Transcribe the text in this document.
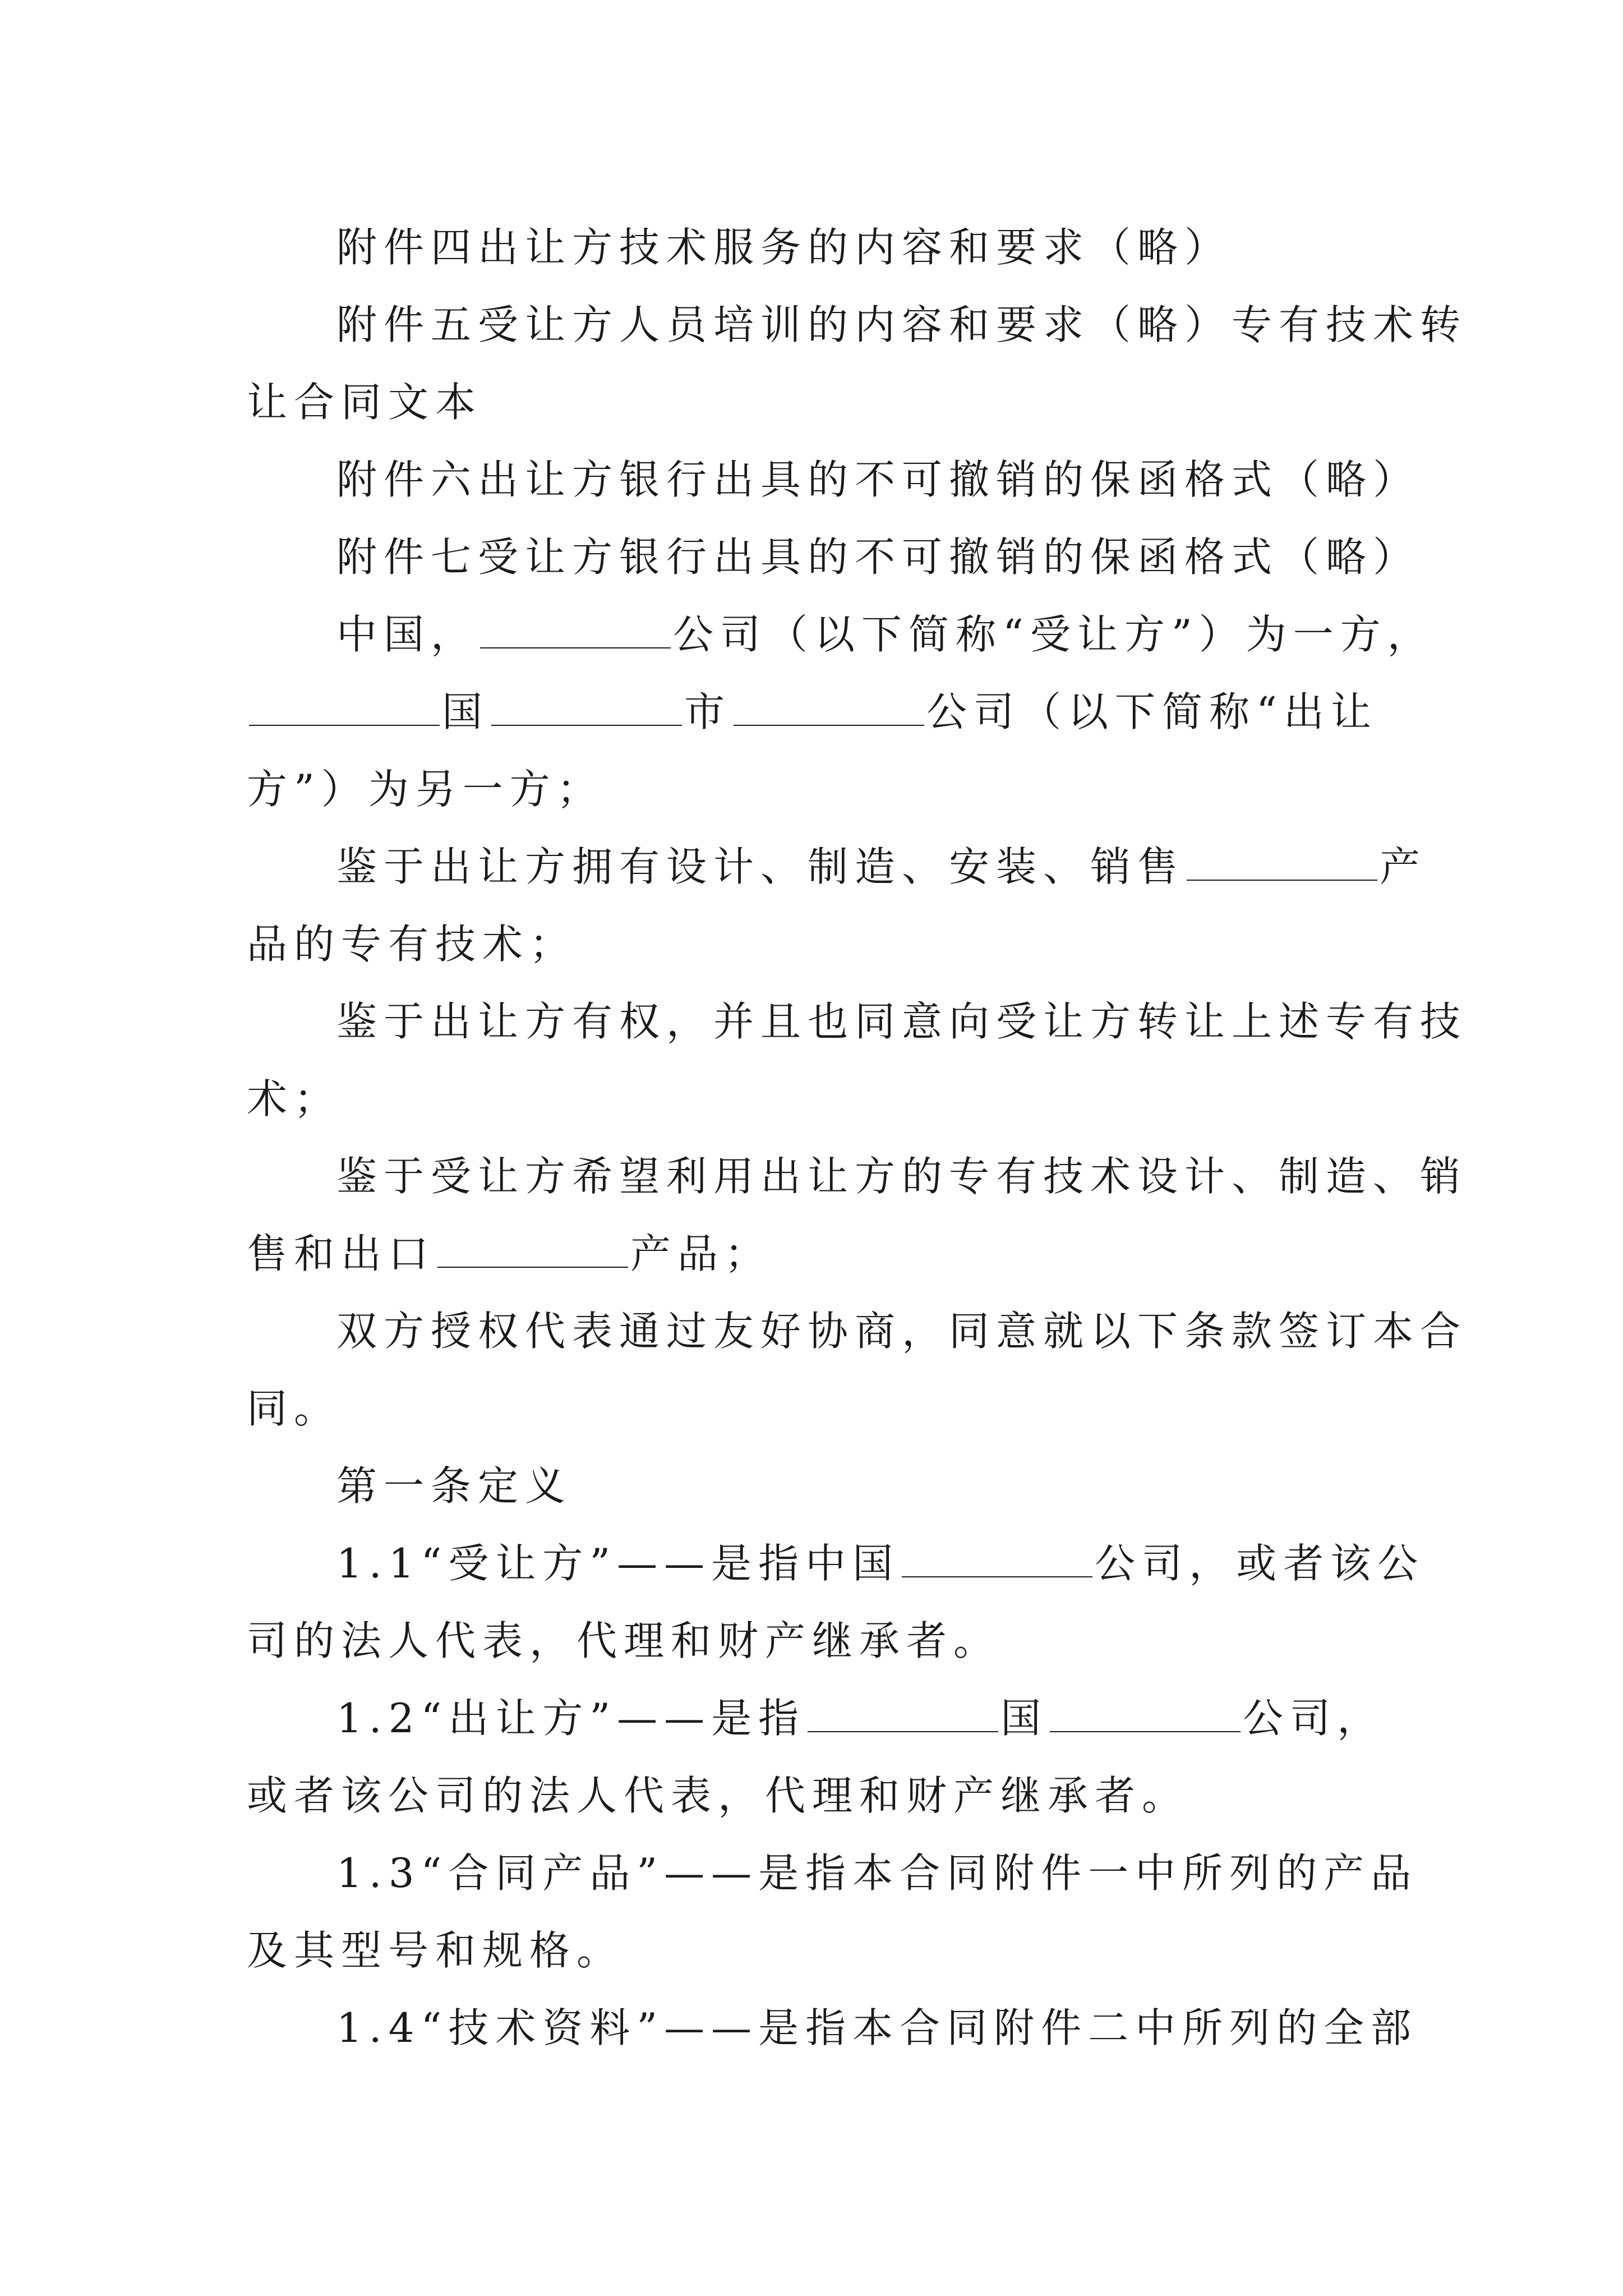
附件四出让方技术服务的内容和要求（略）
附件五受让方人员培训的内容和要求（略）专有技术转
让合同文本
附件六出让方银行出具的不可撤销的保函格式（略）
附件七受让方银行出具的不可撤销的保函格式（略）
中国，	公司（以下简称“受让方”）为一方，
国	市	公司（以下简称“出让
方”）为另一方；
鉴于出让方拥有设计、制造、安装、销售	产
品的专有技术；
鉴于出让方有权，并且也同意向受让方转让上述专有技
术；
鉴于受让方希望利用出让方的专有技术设计、制造、销
售和出口	产品；
双方授权代表通过友好协商，同意就以下条款签订本合
同。
第一条定义
1.1“受让方”——是指中国	公司，或者该公
司的法人代表，代理和财产继承者。
1.2“出让方”——是指	国	公司，
或者该公司的法人代表，代理和财产继承者。
1.3“合同产品”——是指本合同附件一中所列的产品
及其型号和规格。
1.4“技术资料”——是指本合同附件二中所列的全部
